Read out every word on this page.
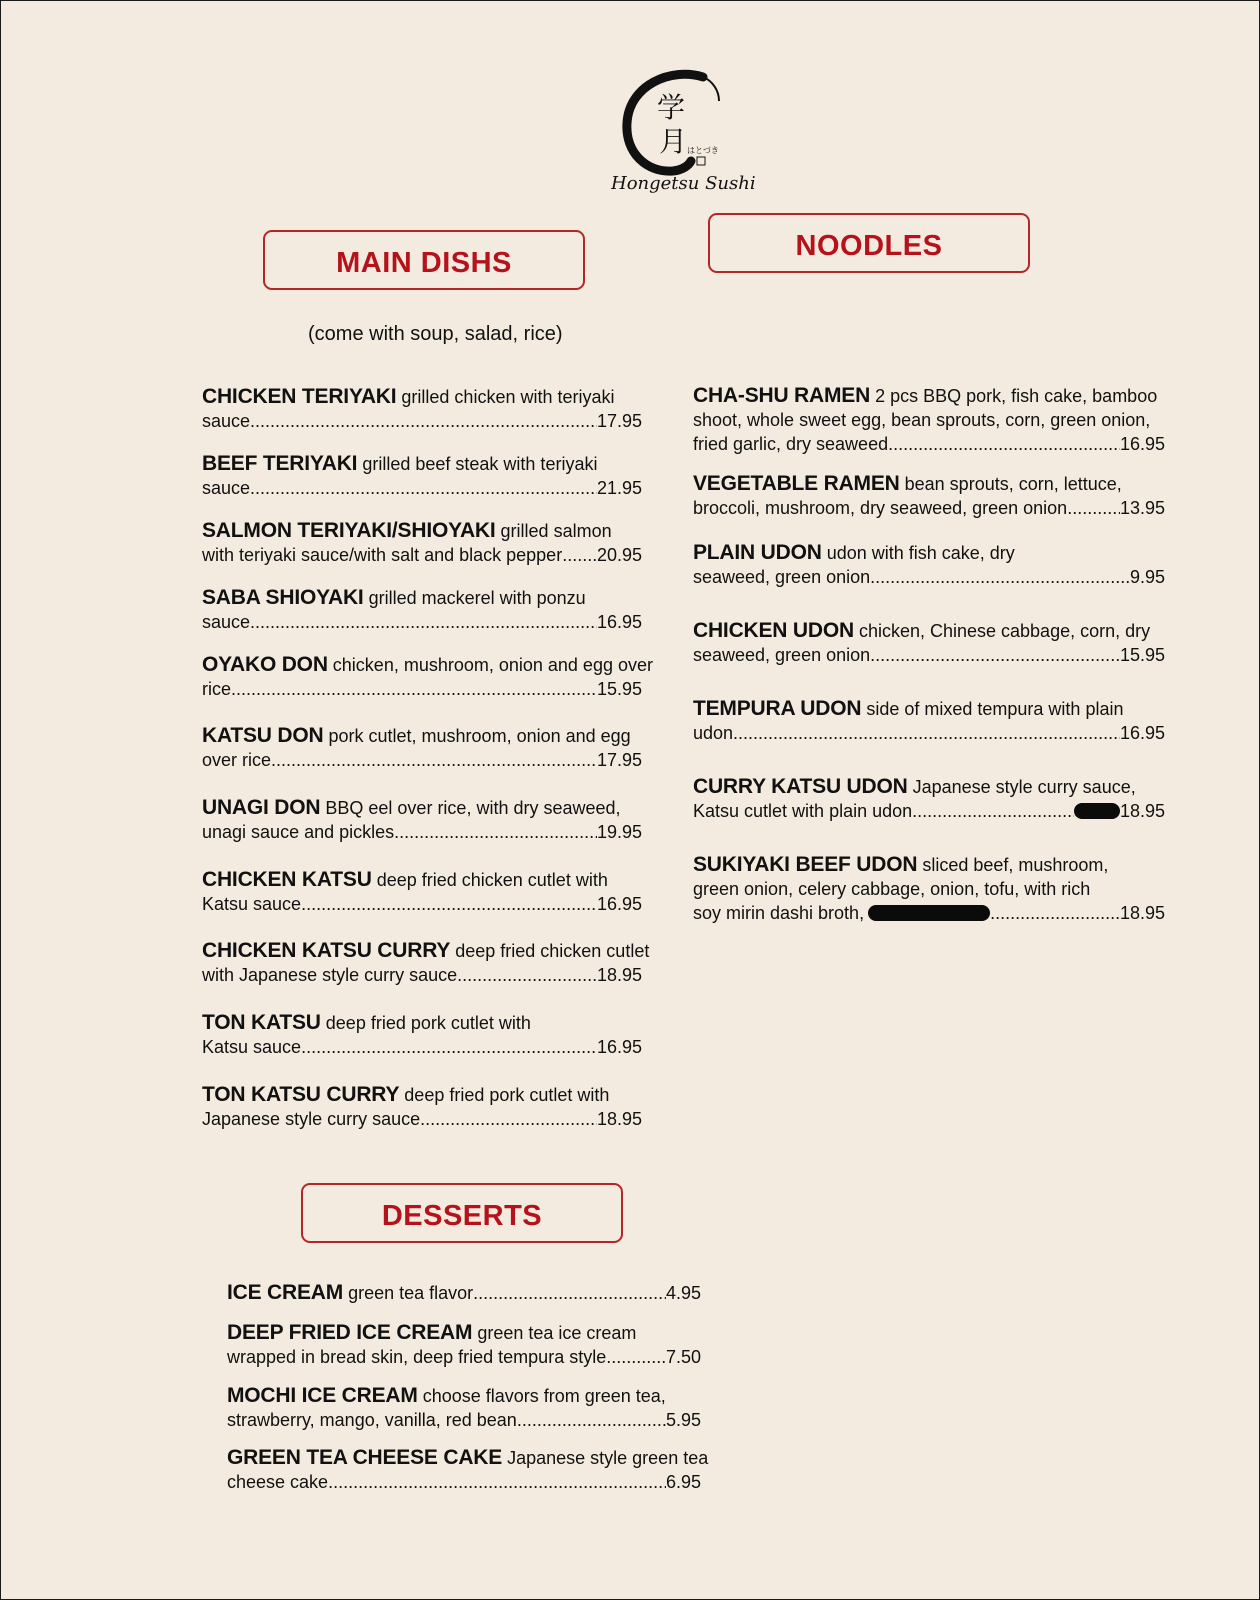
学
月 はとづき
Hongetsu Sushi
MAIN DISHS
(come with soup, salad, rice)
CHICKEN TERIYAKI grilled chicken with teriyaki
sauce .....	17.95
BEEF TERIYAKI grilled beef steak with teriyaki
sauce .....	21.95
SALMON TERIYAKI/SHIOYAKI grilled salmon
with teriyaki sauce/with salt and black pepper ..... 20.95
SABA SHIOYAKI grilled mackerel with ponzu
sauce .....	16.95
OYAKO DON chicken, mushroom, onion and egg over
rice .....	15.95
KATSU DON pork cutlet, mushroom, onion and egg
over rice .....	17.95
UNAGI DON BBQ eel over rice, with dry seaweed,
unagi sauce and pickles .....	19.95
CHICKEN KATSU deep fried chicken cutlet with
Katsu sauce .....	16.95
CHICKEN KATSU CURRY deep fried chicken cutlet
with Japanese style curry sauce .....	18.95
TON KATSU deep fried pork cutlet with
Katsu sauce .....	16.95
TON KATSU CURRY deep fried pork cutlet with
Japanese style curry sauce .....	18.95
NOODLES
CHA-SHU RAMEN 2 pcs BBQ pork, fish cake, bamboo
shoot, whole sweet egg, bean sprouts, corn, green onion,
fried garlic, dry seaweed .....	16.95
VEGETABLE RAMEN bean sprouts, corn, lettuce,
broccoli, mushroom, dry seaweed, green onion .....	13.95
PLAIN UDON udon with fish cake, dry
seaweed, green onion .....	9.95
CHICKEN UDON chicken, Chinese cabbage, corn, dry
seaweed, green onion .....	15.95
TEMPURA UDON side of mixed tempura with plain
udon .....	16.95
CURRY KATSU UDON Japanese style curry sauce,
Katsu cutlet with plain udon .....	18.95
SUKIYAKI BEEF UDON sliced beef, mushroom,
green onion, celery cabbage, onion, tofu, with rich
soy mirin dashi broth, .....	18.95
DESSERTS
ICE CREAM green tea flavor .....	4.95
DEEP FRIED ICE CREAM green tea ice cream
wrapped in bread skin, deep fried tempura style .....	7.50
MOCHI ICE CREAM choose flavors from green tea,
strawberry, mango, vanilla, red bean .....	5.95
GREEN TEA CHEESE CAKE Japanese style green tea
cheese cake .....	6.95
